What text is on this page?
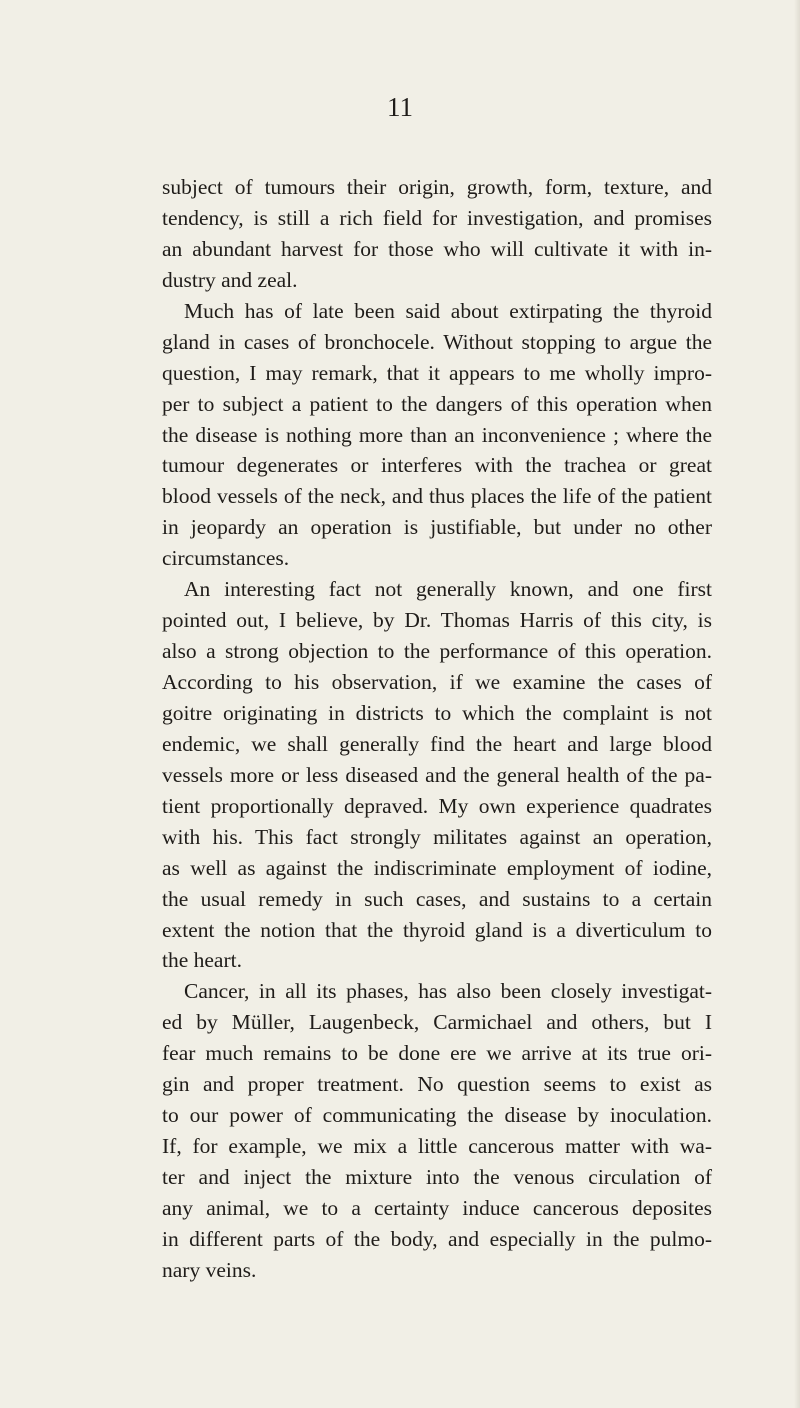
11
subject of tumours their origin, growth, form, texture, and
tendency, is still a rich field for investigation, and promises
an abundant harvest for those who will cultivate it with in-
dustry and zeal.
Much has of late been said about extirpating the thyroid
gland in cases of bronchocele. Without stopping to argue the
question, I may remark, that it appears to me wholly impro-
per to subject a patient to the dangers of this operation when
the disease is nothing more than an inconvenience ; where the
tumour degenerates or interferes with the trachea or great
blood vessels of the neck, and thus places the life of the patient
in jeopardy an operation is justifiable, but under no other
circumstances.
An interesting fact not generally known, and one first
pointed out, I believe, by Dr. Thomas Harris of this city, is
also a strong objection to the performance of this operation.
According to his observation, if we examine the cases of
goitre originating in districts to which the complaint is not
endemic, we shall generally find the heart and large blood
vessels more or less diseased and the general health of the pa-
tient proportionally depraved. My own experience quadrates
with his. This fact strongly militates against an operation,
as well as against the indiscriminate employment of iodine,
the usual remedy in such cases, and sustains to a certain
extent the notion that the thyroid gland is a diverticulum to
the heart.
Cancer, in all its phases, has also been closely investigat-
ed by Müller, Laugenbeck, Carmichael and others, but I
fear much remains to be done ere we arrive at its true ori-
gin and proper treatment. No question seems to exist as
to our power of communicating the disease by inoculation.
If, for example, we mix a little cancerous matter with wa-
ter and inject the mixture into the venous circulation of
any animal, we to a certainty induce cancerous deposites
in different parts of the body, and especially in the pulmo-
nary veins.
